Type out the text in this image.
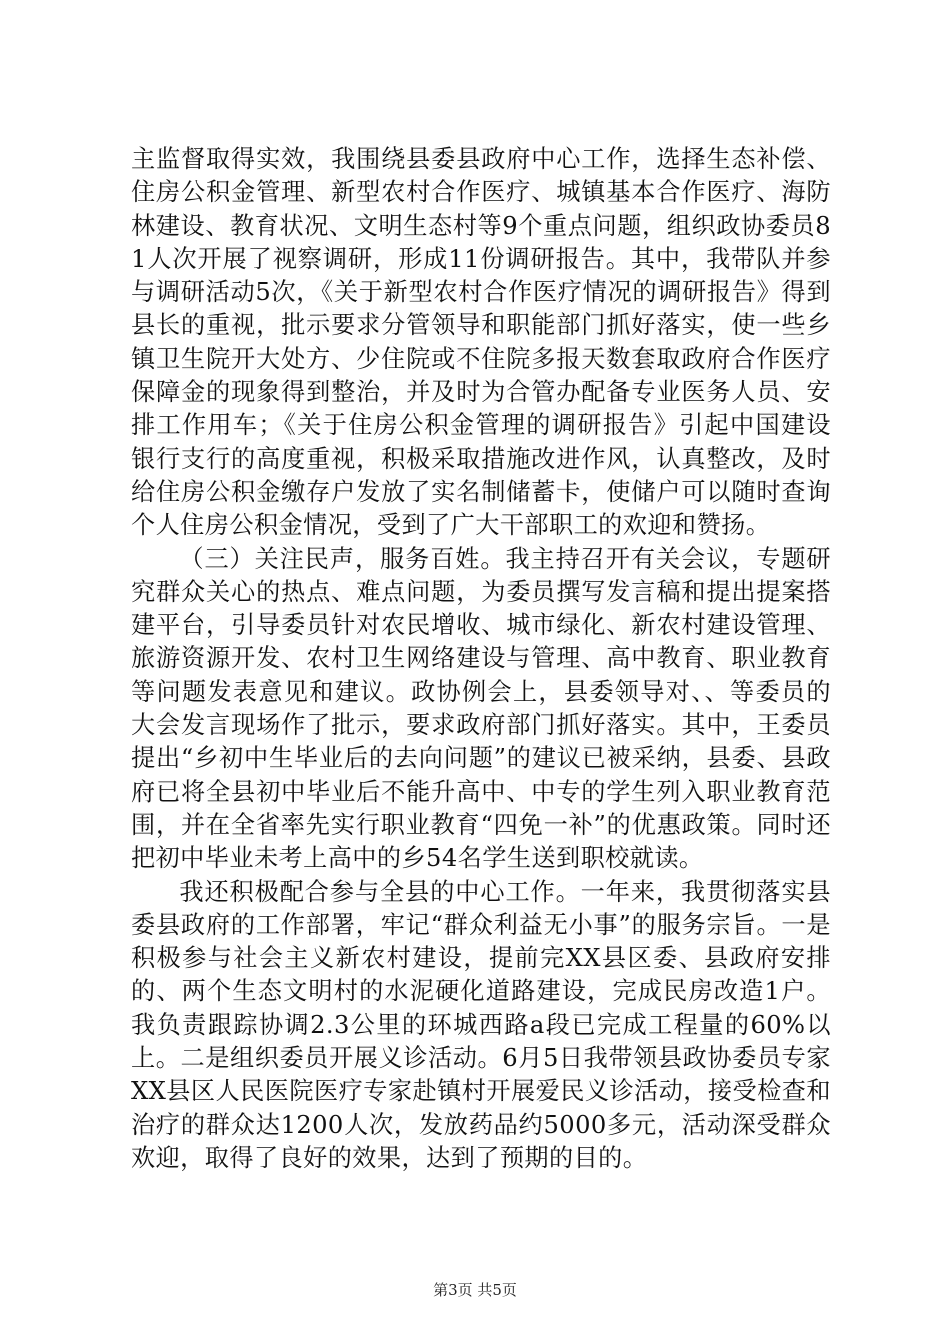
主监督取得实效，我围绕县委县政府中心工作，选择生态补偿、住房公积金管理、新型农村合作医疗、城镇基本合作医疗、海防林建设、教育状况、文明生态村等9个重点问题，组织政协委员81人次开展了视察调研，形成11份调研报告。其中，我带队并参与调研活动5次，《关于新型农村合作医疗情况的调研报告》得到县长的重视，批示要求分管领导和职能部门抓好落实，使一些乡镇卫生院开大处方、少住院或不住院多报天数套取政府合作医疗保障金的现象得到整治，并及时为合管办配备专业医务人员、安排工作用车；《关于住房公积金管理的调研报告》引起中国建设银行支行的高度重视，积极采取措施改进作风，认真整改，及时给住房公积金缴存户发放了实名制储蓄卡，使储户可以随时查询个人住房公积金情况，受到了广大干部职工的欢迎和赞扬。

（三）关注民声，服务百姓。我主持召开有关会议，专题研究群众关心的热点、难点问题，为委员撰写发言稿和提出提案搭建平台，引导委员针对农民增收、城市绿化、新农村建设管理、旅游资源开发、农村卫生网络建设与管理、高中教育、职业教育等问题发表意见和建议。政协例会上，县委领导对、、等委员的大会发言现场作了批示，要求政府部门抓好落实。其中，王委员提出“乡初中生毕业后的去向问题”的建议已被采纳，县委、县政府已将全县初中毕业后不能升高中、中专的学生列入职业教育范围，并在全省率先实行职业教育“四免一补”的优惠政策。同时还把初中毕业未考上高中的乡54名学生送到职校就读。

我还积极配合参与全县的中心工作。一年来，我贯彻落实县委县政府的工作部署，牢记“群众利益无小事”的服务宗旨。一是积极参与社会主义新农村建设，提前完XX县区委、县政府安排的、两个生态文明村的水泥硬化道路建设，完成民房改造1户。我负责跟踪协调2.3公里的环城西路a段已完成工程量的60%以上。二是组织委员开展义诊活动。6月5日我带领县政协委员专家XX县区人民医院医疗专家赴镇村开展爱民义诊活动，接受检查和治疗的群众达1200人次，发放药品约5000多元，活动深受群众欢迎，取得了良好的效果，达到了预期的目的。

第3页 共5页
